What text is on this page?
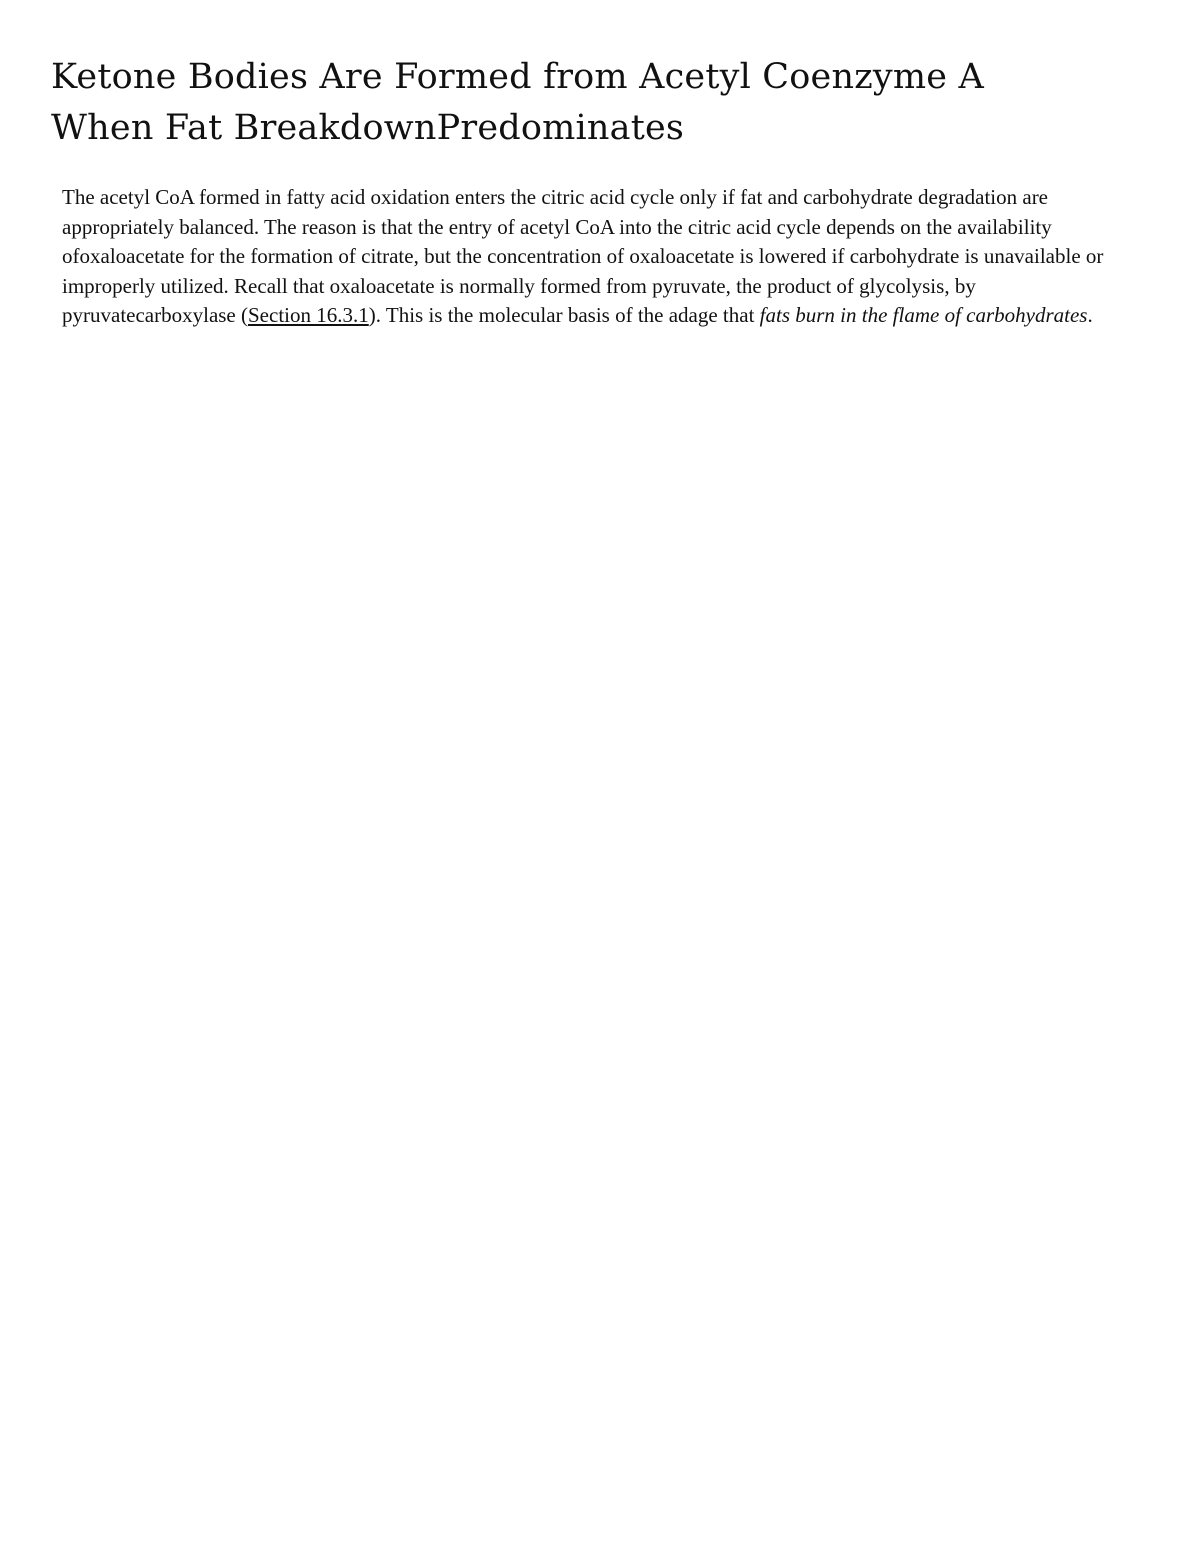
Ketone Bodies Are Formed from Acetyl Coenzyme A
When Fat BreakdownPredominates

The acetyl CoA formed in fatty acid oxidation enters the citric acid cycle only if fat and carbohydrate degradation are appropriately balanced. The reason is that the entry of acetyl CoA into the citric acid cycle depends on the availability ofoxaloacetate for the formation of citrate, but the concentration of oxaloacetate is lowered if carbohydrate is unavailable or improperly utilized. Recall that oxaloacetate is normally formed from pyruvate, the product of glycolysis, by pyruvatecarboxylase (Section 16.3.1). This is the molecular basis of the adage that fats burn in the flame of carbohydrates.
